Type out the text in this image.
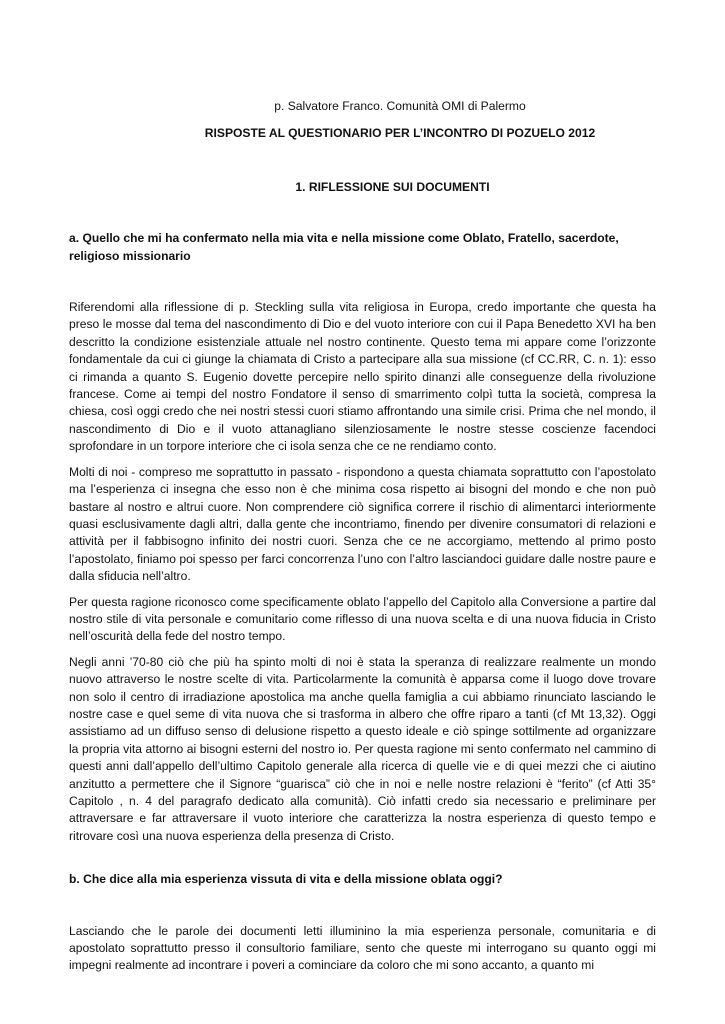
p. Salvatore Franco. Comunità OMI di Palermo

RISPOSTE AL QUESTIONARIO PER L’INCONTRO DI POZUELO 2012

1. RIFLESSIONE SUI DOCUMENTI

a. Quello che mi ha confermato nella mia vita e nella missione come Oblato, Fratello, sacerdote, religioso missionario

Riferendomi alla riflessione di p. Steckling sulla vita religiosa in Europa, credo importante che questa ha preso le mosse dal tema del nascondimento di Dio e del vuoto interiore con cui il Papa Benedetto XVI ha ben descritto la condizione esistenziale attuale nel nostro continente. Questo tema mi appare come l’orizzonte fondamentale da cui ci giunge la chiamata di Cristo a partecipare alla sua missione (cf CC.RR, C. n. 1): esso ci rimanda a quanto S. Eugenio dovette percepire nello spirito dinanzi alle conseguenze della rivoluzione francese. Come ai tempi del nostro Fondatore il senso di smarrimento colpì tutta la società, compresa la chiesa, così oggi credo che nei nostri stessi cuori stiamo affrontando una simile crisi. Prima che nel mondo, il nascondimento di Dio e il vuoto attanagliano silenziosamente le nostre stesse coscienze facendoci sprofondare in un torpore interiore che ci isola senza che ce ne rendiamo conto.

Molti di noi - compreso me soprattutto in passato - rispondono a questa chiamata soprattutto con l’apostolato ma l’esperienza ci insegna che esso non è che minima cosa rispetto ai bisogni del mondo e che non può bastare al nostro e altrui cuore. Non comprendere ciò significa correre il rischio di alimentarci interiormente quasi esclusivamente dagli altri, dalla gente che incontriamo, finendo per divenire consumatori di relazioni e attività per il fabbisogno infinito dei nostri cuori. Senza che ce ne accorgiamo, mettendo al primo posto l’apostolato, finiamo poi spesso per farci concorrenza l’uno con l’altro lasciandoci guidare dalle nostre paure e dalla sfiducia nell’altro.

Per questa ragione riconosco come specificamente oblato l’appello del Capitolo alla Conversione a partire dal nostro stile di vita personale e comunitario come riflesso di una nuova scelta e di una nuova fiducia in Cristo nell’oscurità della fede del nostro tempo.

Negli anni ’70-80 ciò che più ha spinto molti di noi è stata la speranza di realizzare realmente un mondo nuovo attraverso le nostre scelte di vita. Particolarmente la comunità è apparsa come il luogo dove trovare non solo il centro di irradiazione apostolica ma anche quella famiglia a cui abbiamo rinunciato lasciando le nostre case e quel seme di vita nuova che si trasforma in albero che offre riparo a tanti (cf Mt 13,32). Oggi assistiamo ad un diffuso senso di delusione rispetto a questo ideale e ciò spinge sottilmente ad organizzare la propria vita attorno ai bisogni esterni del nostro io. Per questa ragione mi sento confermato nel cammino di questi anni dall’appello dell’ultimo Capitolo generale alla ricerca di quelle vie e di quei mezzi che ci aiutino anzitutto a permettere che il Signore “guarisca” ciò che in noi e nelle nostre relazioni è “ferito” (cf Atti 35° Capitolo , n. 4 del paragrafo dedicato alla comunità). Ciò infatti credo sia necessario e preliminare per attraversare e far attraversare il vuoto interiore che caratterizza la nostra esperienza di questo tempo e ritrovare così una nuova esperienza della presenza di Cristo.

b. Che dice alla mia esperienza vissuta di vita e della missione oblata oggi?

Lasciando che le parole dei documenti letti illuminino la mia esperienza personale, comunitaria e di apostolato soprattutto presso il consultorio familiare, sento che queste mi interrogano su quanto oggi mi impegni realmente ad incontrare i poveri a cominciare da coloro che mi sono accanto, a quanto mi
